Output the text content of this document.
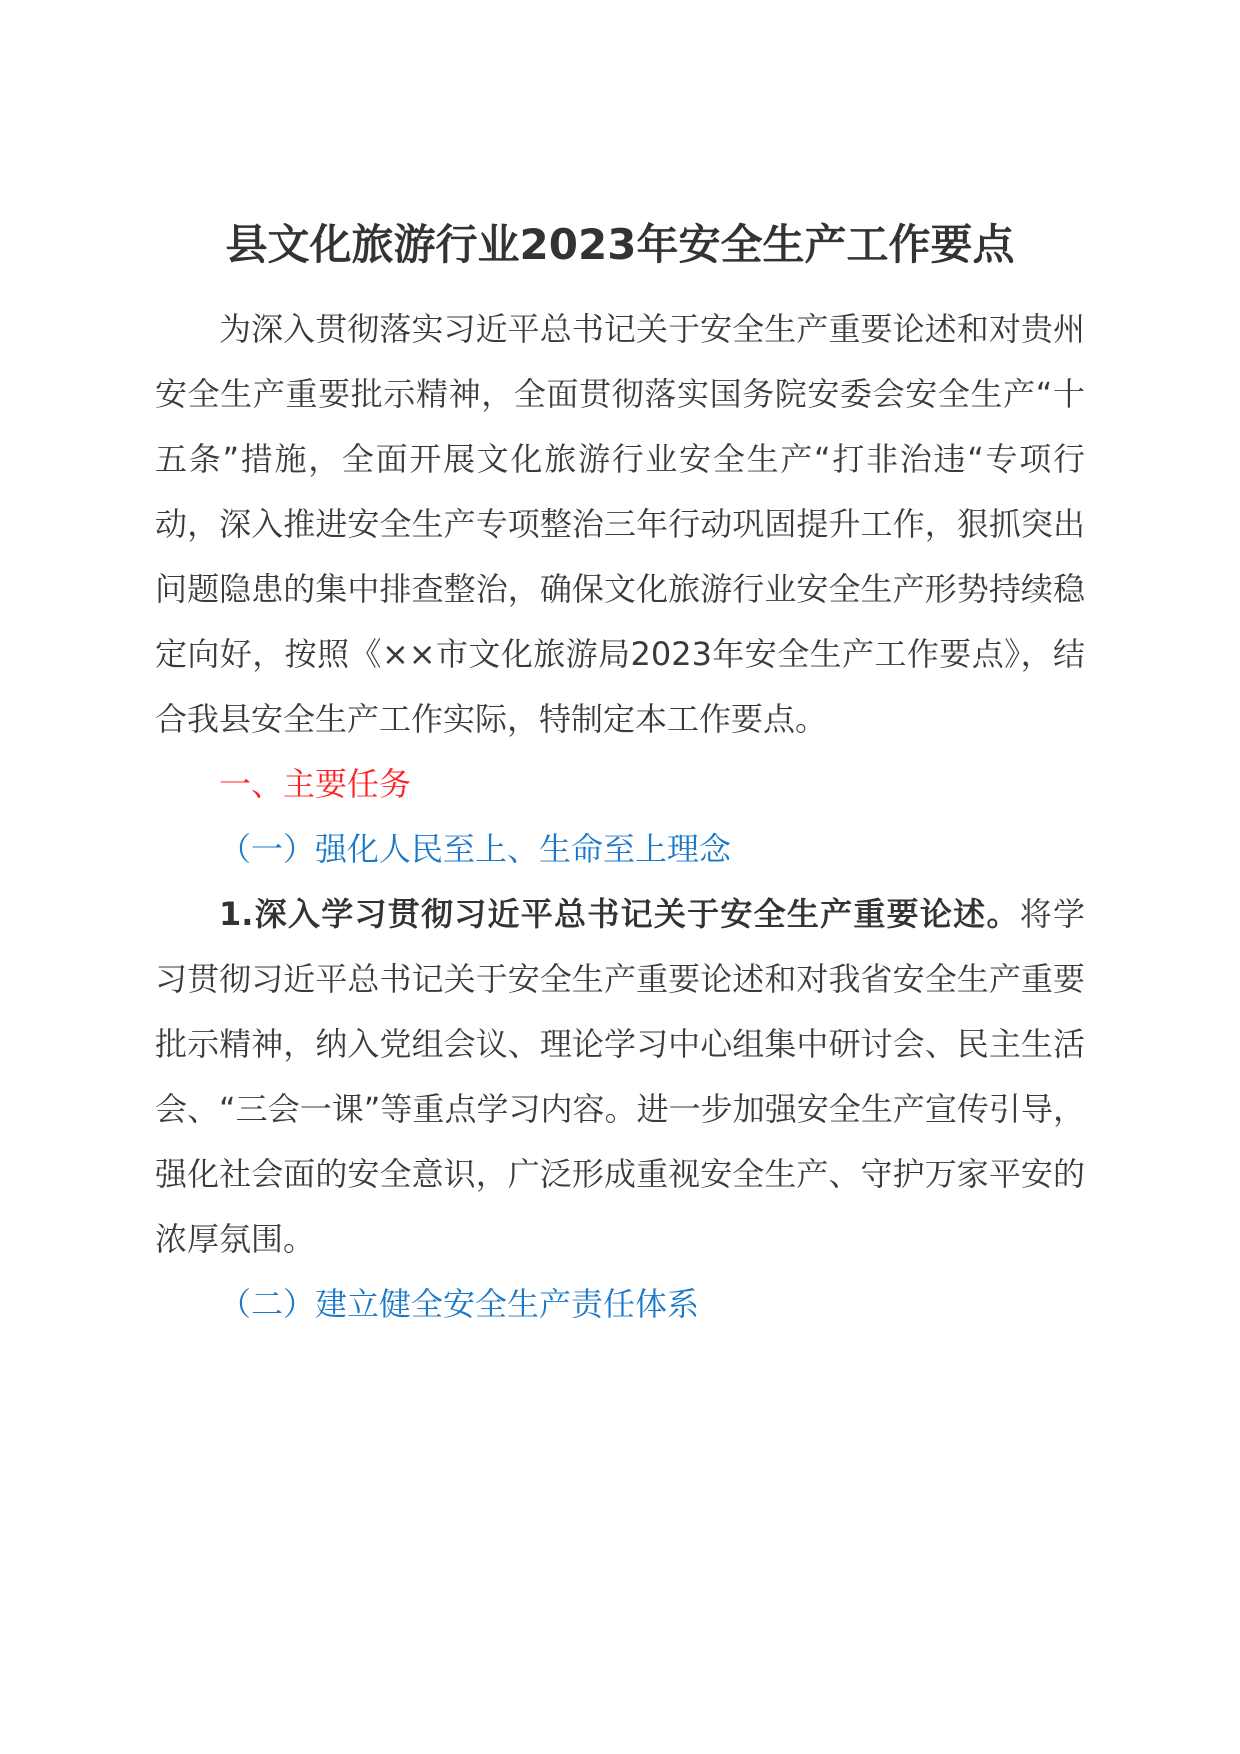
县文化旅游行业2023年安全生产工作要点

为深入贯彻落实习近平总书记关于安全生产重要论述和对贵州安全生产重要批示精神，全面贯彻落实国务院安委会安全生产“十五条”措施，全面开展文化旅游行业安全生产“打非治违“专项行动，深入推进安全生产专项整治三年行动巩固提升工作，狠抓突出问题隐患的集中排查整治，确保文化旅游行业安全生产形势持续稳定向好，按照《××市文化旅游局2023年安全生产工作要点》，结合我县安全生产工作实际，特制定本工作要点。

一、主要任务

（一）强化人民至上、生命至上理念

1.深入学习贯彻习近平总书记关于安全生产重要论述。将学习贯彻习近平总书记关于安全生产重要论述和对我省安全生产重要批示精神，纳入党组会议、理论学习中心组集中研讨会、民主生活会、“三会一课”等重点学习内容。进一步加强安全生产宣传引导，强化社会面的安全意识，广泛形成重视安全生产、守护万家平安的浓厚氛围。

（二）建立健全安全生产责任体系
